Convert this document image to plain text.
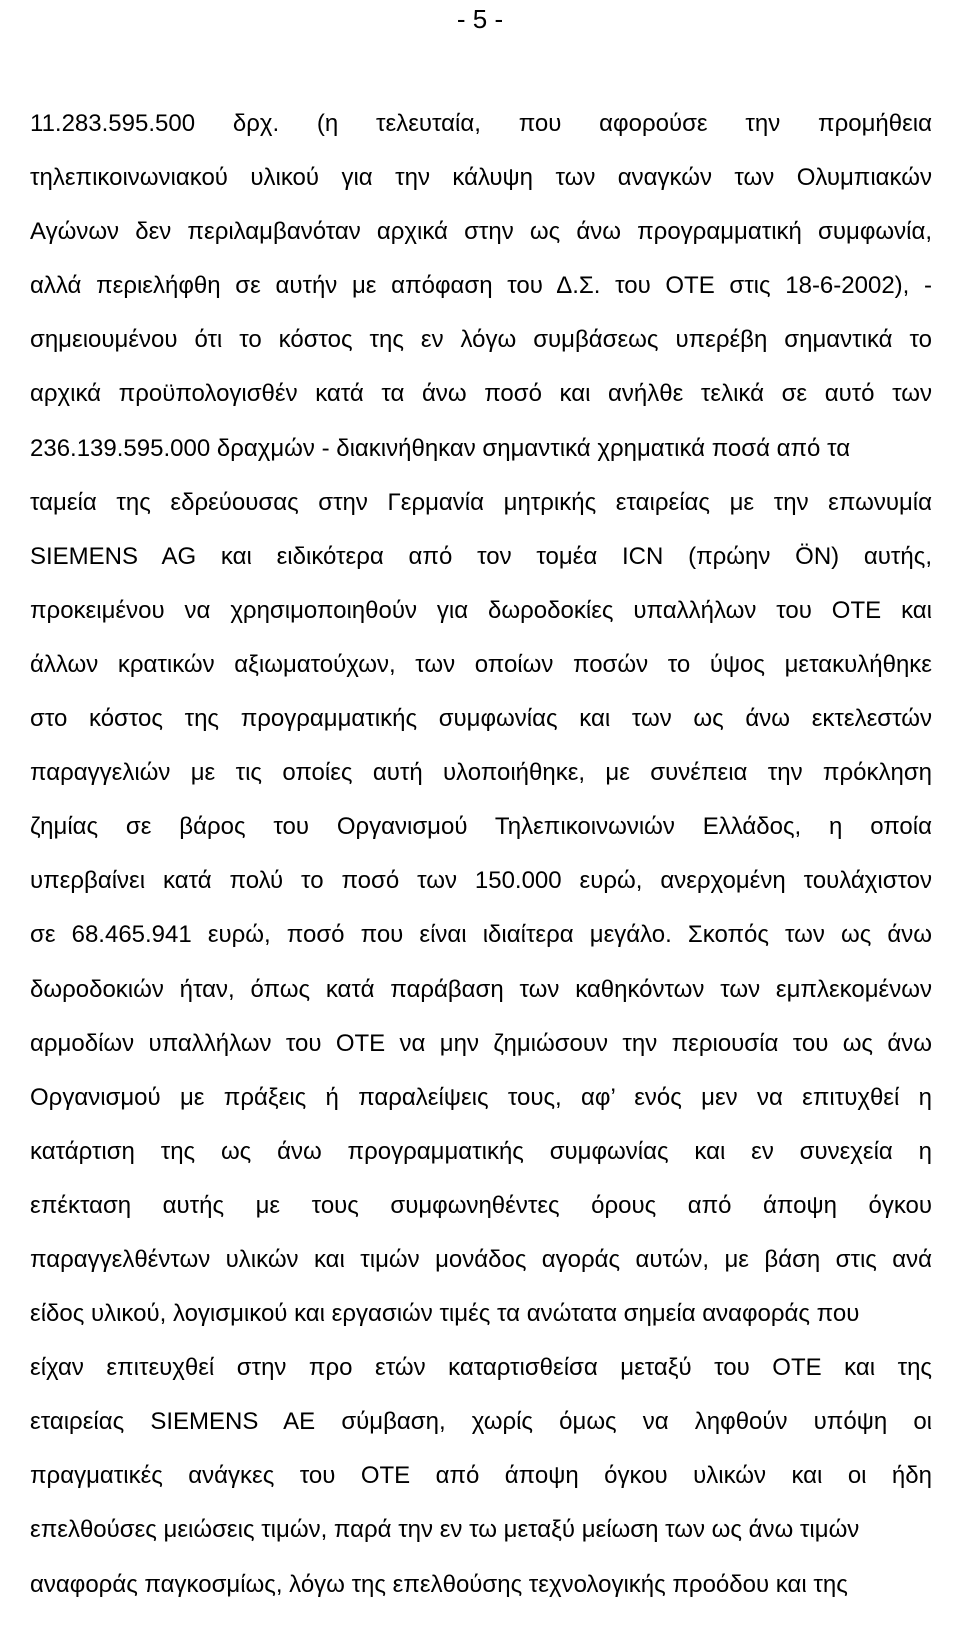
- 5 -
11.283.595.500 δρχ. (η τελευταία, που αφορούσε την προμήθεια
τηλεπικοινωνιακού υλικού για την κάλυψη των αναγκών των Ολυμπιακών
Αγώνων δεν περιλαμβανόταν αρχικά στην ως άνω προγραμματική συμφωνία,
αλλά περιελήφθη σε αυτήν με απόφαση του Δ.Σ. του ΟΤΕ στις 18-6-2002), -
σημειουμένου ότι το κόστος της εν λόγω συμβάσεως υπερέβη σημαντικά το
αρχικά προϋπολογισθέν κατά τα άνω ποσό και ανήλθε τελικά σε αυτό των
236.139.595.000 δραχμών - διακινήθηκαν σημαντικά χρηματικά ποσά από τα
ταμεία της εδρεύουσας στην Γερμανία μητρικής εταιρείας με την επωνυμία
SIEMENS AG και ειδικότερα από τον τομέα ICN (πρώην ÖN) αυτής,
προκειμένου να χρησιμοποιηθούν για δωροδοκίες υπαλλήλων του ΟΤΕ και
άλλων κρατικών αξιωματούχων, των οποίων ποσών το ύψος μετακυλήθηκε
στο κόστος της προγραμματικής συμφωνίας και των ως άνω εκτελεστών
παραγγελιών με τις οποίες αυτή υλοποιήθηκε, με συνέπεια την πρόκληση
ζημίας σε βάρος του Οργανισμού Τηλεπικοινωνιών Ελλάδος, η οποία
υπερβαίνει κατά πολύ το ποσό των 150.000 ευρώ, ανερχομένη τουλάχιστον
σε 68.465.941 ευρώ, ποσό που είναι ιδιαίτερα μεγάλο. Σκοπός των ως άνω
δωροδοκιών ήταν, όπως κατά παράβαση των καθηκόντων των εμπλεκομένων
αρμοδίων υπαλλήλων του ΟΤΕ να μην ζημιώσουν την περιουσία του ως άνω
Οργανισμού με πράξεις ή παραλείψεις τους, αφ’ ενός μεν να επιτυχθεί η
κατάρτιση της ως άνω προγραμματικής συμφωνίας και εν συνεχεία η
επέκταση αυτής με τους συμφωνηθέντες όρους από άποψη όγκου
παραγγελθέντων υλικών και τιμών μονάδος αγοράς αυτών, με βάση στις ανά
είδος υλικού, λογισμικού και εργασιών τιμές τα ανώτατα σημεία αναφοράς που
είχαν επιτευχθεί στην προ ετών καταρτισθείσα μεταξύ του ΟΤΕ και της
εταιρείας SIEMENS AE σύμβαση, χωρίς όμως να ληφθούν υπόψη οι
πραγματικές ανάγκες του ΟΤΕ από άποψη όγκου υλικών και οι ήδη
επελθούσες μειώσεις τιμών, παρά την εν τω μεταξύ μείωση των ως άνω τιμών
αναφοράς παγκοσμίως, λόγω της επελθούσης τεχνολογικής προόδου και της
